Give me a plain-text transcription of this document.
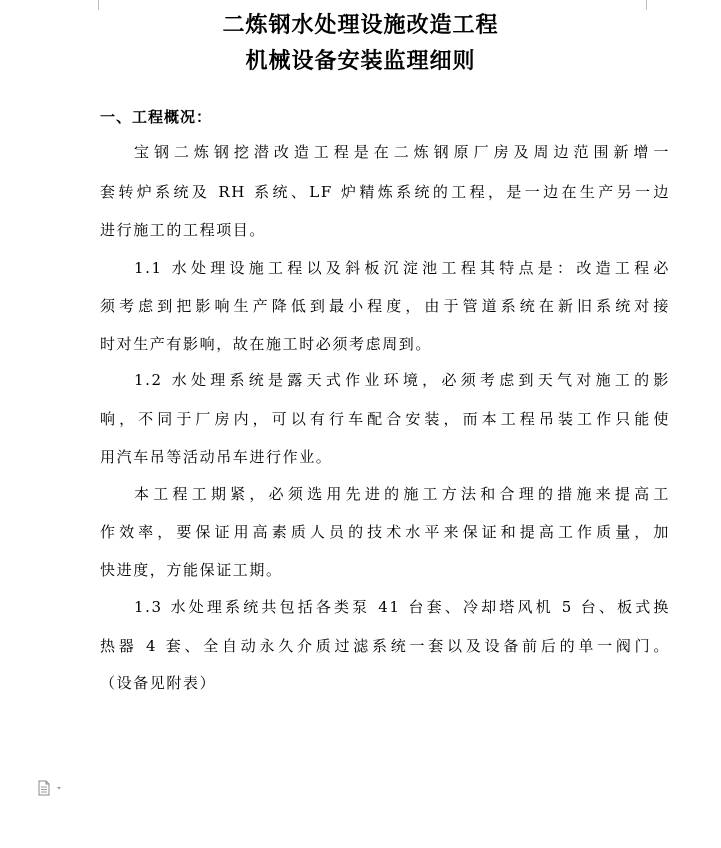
二炼钢水处理设施改造工程
机械设备安装监理细则
一、工程概况：
宝钢二炼钢挖潜改造工程是在二炼钢原厂房及周边范围新增一
套转炉系统及 RH 系统、LF 炉精炼系统的工程，是一边在生产另一边
进行施工的工程项目。
1.1 水处理设施工程以及斜板沉淀池工程其特点是：改造工程必
须考虑到把影响生产降低到最小程度，由于管道系统在新旧系统对接
时对生产有影响，故在施工时必须考虑周到。
1.2 水处理系统是露天式作业环境，必须考虑到天气对施工的影
响，不同于厂房内，可以有行车配合安装，而本工程吊装工作只能使
用汽车吊等活动吊车进行作业。
本工程工期紧，必须选用先进的施工方法和合理的措施来提高工
作效率，要保证用高素质人员的技术水平来保证和提高工作质量，加
快进度，方能保证工期。
1.3 水处理系统共包括各类泵 41 台套、冷却塔风机 5 台、板式换
热器 4 套、全自动永久介质过滤系统一套以及设备前后的单一阀门。
（设备见附表）
